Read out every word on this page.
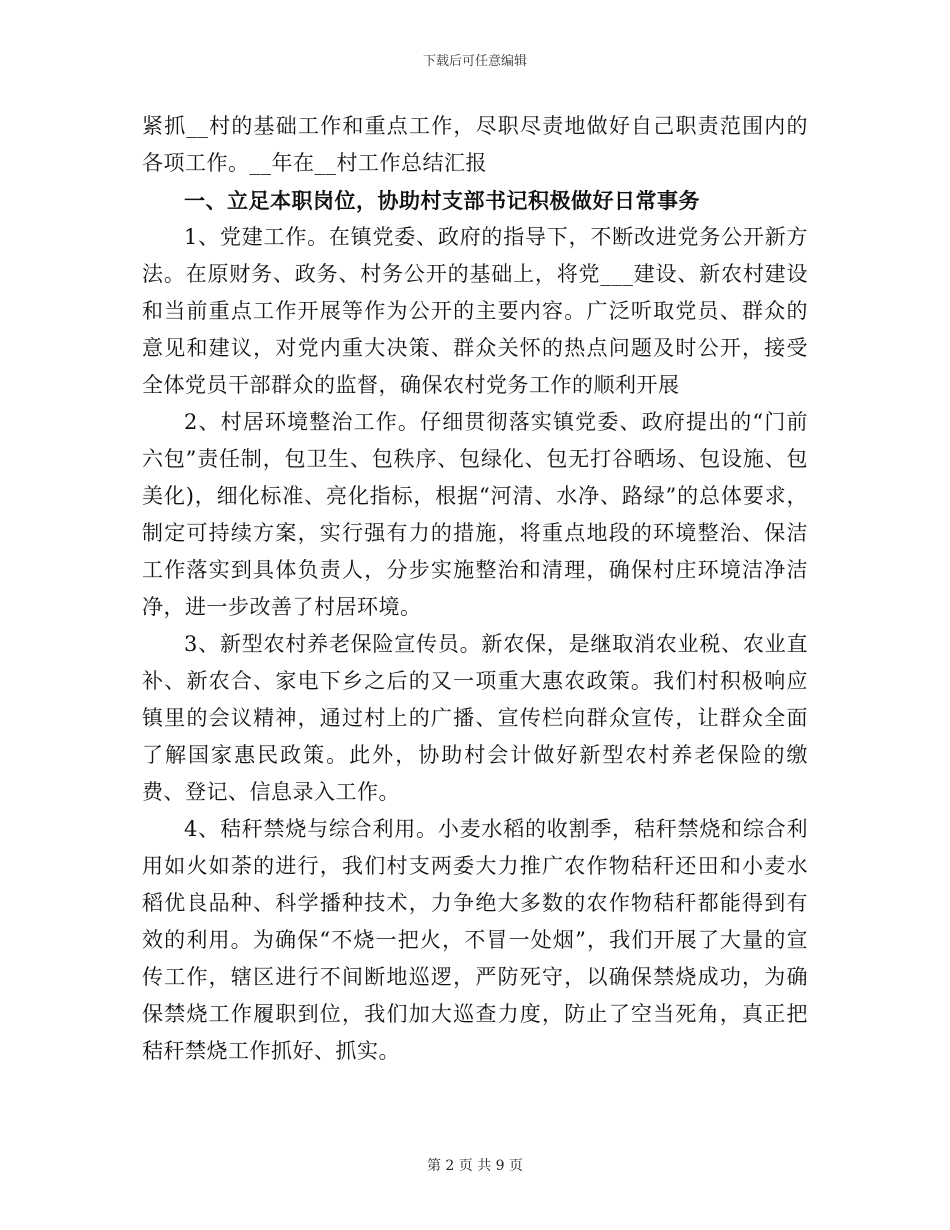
下载后可任意编辑

紧抓__村的基础工作和重点工作，尽职尽责地做好自己职责范围内的各项工作。__年在__村工作总结汇报

一、立足本职岗位，协助村支部书记积极做好日常事务

1、党建工作。在镇党委、政府的指导下，不断改进党务公开新方法。在原财务、政务、村务公开的基础上，将党___建设、新农村建设和当前重点工作开展等作为公开的主要内容。广泛听取党员、群众的意见和建议，对党内重大决策、群众关怀的热点问题及时公开，接受全体党员干部群众的监督，确保农村党务工作的顺利开展

2、村居环境整治工作。仔细贯彻落实镇党委、政府提出的“门前六包”责任制，包卫生、包秩序、包绿化、包无打谷晒场、包设施、包美化)，细化标准、亮化指标，根据“河清、水净、路绿”的总体要求，制定可持续方案，实行强有力的措施，将重点地段的环境整治、保洁工作落实到具体负责人，分步实施整治和清理，确保村庄环境洁净洁净，进一步改善了村居环境。

3、新型农村养老保险宣传员。新农保，是继取消农业税、农业直补、新农合、家电下乡之后的又一项重大惠农政策。我们村积极响应镇里的会议精神，通过村上的广播、宣传栏向群众宣传，让群众全面了解国家惠民政策。此外，协助村会计做好新型农村养老保险的缴费、登记、信息录入工作。

4、秸秆禁烧与综合利用。小麦水稻的收割季，秸秆禁烧和综合利用如火如荼的进行，我们村支两委大力推广农作物秸秆还田和小麦水稻优良品种、科学播种技术，力争绝大多数的农作物秸秆都能得到有效的利用。为确保“不烧一把火，不冒一处烟”，我们开展了大量的宣传工作，辖区进行不间断地巡逻，严防死守，以确保禁烧成功，为确保禁烧工作履职到位，我们加大巡查力度，防止了空当死角，真正把秸秆禁烧工作抓好、抓实。

第 2 页 共 9 页
